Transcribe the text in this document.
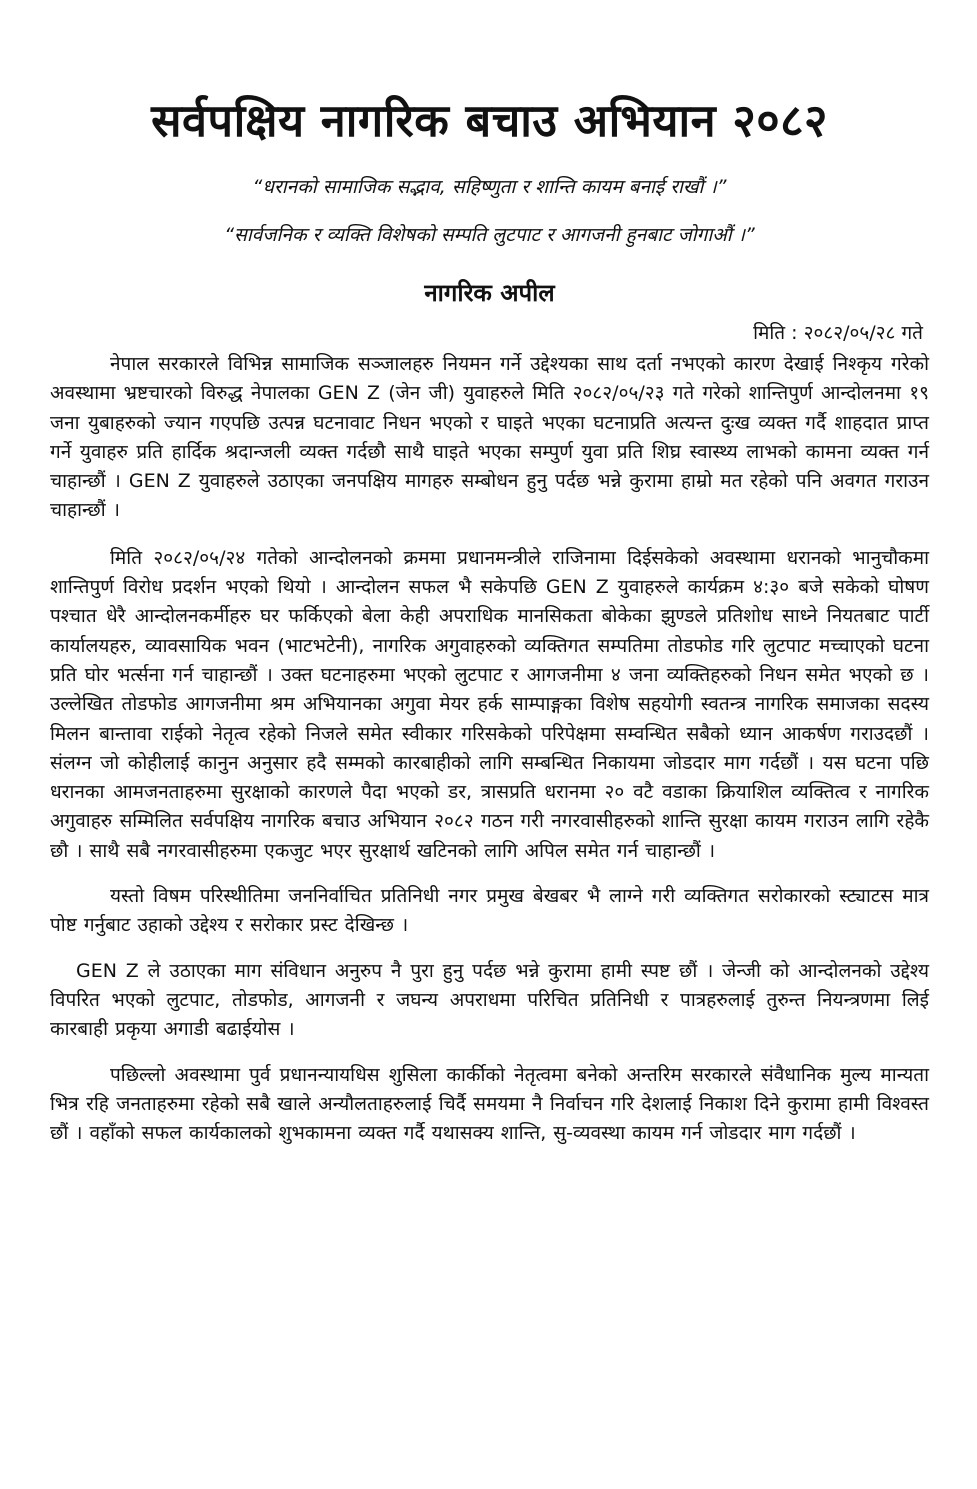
सर्वपक्षिय नागरिक बचाउ अभियान २०८२

“धरानको सामाजिक सद्भाव, सहिष्णुता र शान्ति कायम बनाई राखौं ।”

“सार्वजनिक र व्यक्ति विशेषको सम्पति लुटपाट र आगजनी हुनबाट जोगाऔं ।”

नागरिक अपील
मिति : २०८२/०५/२८ गते

नेपाल सरकारले विभिन्न सामाजिक सञ्जालहरु नियमन गर्ने उद्देश्यका साथ दर्ता नभएको कारण देखाई निश्कृय गरेको अवस्थामा भ्रष्टचारको विरुद्ध नेपालका GEN Z (जेन जी) युवाहरुले मिति २०८२/०५/२३ गते गरेको शान्तिपुर्ण आन्दोलनमा १९ जना युबाहरुको ज्यान गएपछि उत्पन्न घटनावाट निधन भएको र घाइते भएका घटनाप्रति अत्यन्त दुःख व्यक्त गर्दै शाहदात प्राप्त गर्ने युवाहरु प्रति हार्दिक श्रदान्जली व्यक्त गर्दछौ साथै घाइते भएका सम्पुर्ण युवा प्रति शिघ्र स्वास्थ्य लाभको कामना व्यक्त गर्न चाहान्छौं । GEN Z युवाहरुले उठाएका जनपक्षिय मागहरु सम्बोधन हुनु पर्दछ भन्ने कुरामा हाम्रो मत रहेको पनि अवगत गराउन चाहान्छौं ।

मिति २०८२/०५/२४ गतेको आन्दोलनको क्रममा प्रधानमन्त्रीले राजिनामा दिईसकेको अवस्थामा धरानको भानुचौकमा शान्तिपुर्ण विरोध प्रदर्शन भएको थियो । आन्दोलन सफल भै सकेपछि GEN Z युवाहरुले कार्यक्रम ४:३० बजे सकेको घोषण पश्चात धेरै आन्दोलनकर्मीहरु घर फर्किएको बेला केही अपराधिक मानसिकता बोकेका झुण्डले प्रतिशोध साध्ने नियतबाट पार्टी कार्यालयहरु, व्यावसायिक भवन (भाटभटेनी), नागरिक अगुवाहरुको व्यक्तिगत सम्पतिमा तोडफोड गरि लुटपाट मच्चाएको घटना प्रति घोर भर्त्सना गर्न चाहान्छौं । उक्त घटनाहरुमा भएको लुटपाट र आगजनीमा ४ जना व्यक्तिहरुको निधन समेत भएको छ । उल्लेखित तोडफोड आगजनीमा श्रम अभियानका अगुवा मेयर हर्क साम्पाङ्गका विशेष सहयोगी स्वतन्त्र नागरिक समाजका सदस्य मिलन बान्तावा राईको नेतृत्व रहेको निजले समेत स्वीकार गरिसकेको परिपेक्षमा सम्वन्धित सबैको ध्यान आकर्षण गराउदछौं । संलग्न जो कोहीलाई कानुन अनुसार हदै सम्मको कारबाहीको लागि सम्बन्धित निकायमा जोडदार माग गर्दछौं । यस घटना पछि धरानका आमजनताहरुमा सुरक्षाको कारणले पैदा भएको डर, त्रासप्रति धरानमा २० वटै वडाका क्रियाशिल व्यक्तित्व र नागरिक अगुवाहरु सम्मिलित सर्वपक्षिय नागरिक बचाउ अभियान २०८२ गठन गरी नगरवासीहरुको शान्ति सुरक्षा कायम गराउन लागि रहेकै छौ । साथै सबै नगरवासीहरुमा एकजुट भएर सुरक्षार्थ खटिनको लागि अपिल समेत गर्न चाहान्छौं ।

यस्तो विषम परिस्थीतिमा जननिर्वाचित प्रतिनिधी नगर प्रमुख बेखबर भै लाग्ने गरी व्यक्तिगत सरोकारको स्ट्याटस मात्र पोष्ट गर्नुबाट उहाको उद्देश्य र सरोकार प्रस्ट देखिन्छ ।

GEN Z ले उठाएका माग संविधान अनुरुप नै पुरा हुनु पर्दछ भन्ने कुरामा हामी स्पष्ट छौं । जेन्जी को आन्दोलनको उद्देश्य विपरित भएको लुटपाट, तोडफोड, आगजनी र जघन्य अपराधमा परिचित प्रतिनिधी र पात्रहरुलाई तुरुन्त नियन्त्रणमा लिई कारबाही प्रकृया अगाडी बढाईयोस ।

पछिल्लो अवस्थामा पुर्व प्रधानन्यायधिस शुसिला कार्कीको नेतृत्वमा बनेको अन्तरिम सरकारले संवैधानिक मुल्य मान्यता भित्र रहि जनताहरुमा रहेको सबै खाले अन्यौलताहरुलाई चिर्दै समयमा नै निर्वाचन गरि देशलाई निकाश दिने कुरामा हामी विश्वस्त छौं । वहाँको सफल कार्यकालको शुभकामना व्यक्त गर्दै यथासक्य शान्ति, सु-व्यवस्था कायम गर्न जोडदार माग गर्दछौं ।
